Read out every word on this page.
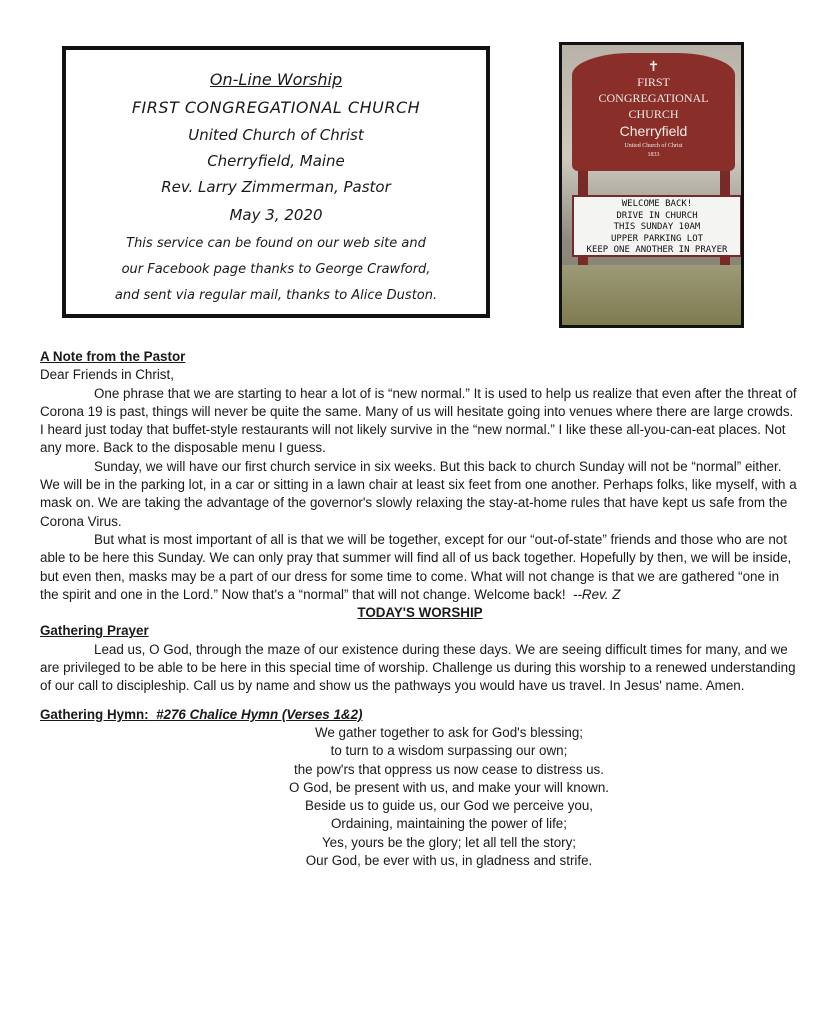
On-Line Worship
FIRST CONGREGATIONAL CHURCH
United Church of Christ
Cherryfield, Maine
Rev. Larry Zimmerman, Pastor
May 3, 2020
This service can be found on our web site and
our Facebook page thanks to George Crawford,
and sent via regular mail, thanks to Alice Duston.
✝
FIRST
CONGREGATIONAL
CHURCH
Cherryfield
United Church of Christ
1833
WELCOME BACK!
DRIVE IN CHURCH
THIS SUNDAY 10AM
UPPER PARKING LOT
KEEP ONE ANOTHER IN PRAYER

A Note from the Pastor

Dear Friends in Christ,

One phrase that we are starting to hear a lot of is “new normal.” It is used to help us realize that even after the threat of Corona 19 is past, things will never be quite the same. Many of us will hesitate going into venues where there are large crowds. I heard just today that buffet-style restaurants will not likely survive in the “new normal.” I like these all-you-can-eat places. Not any more. Back to the disposable menu I guess.

Sunday, we will have our first church service in six weeks. But this back to church Sunday will not be “normal” either. We will be in the parking lot, in a car or sitting in a lawn chair at least six feet from one another. Perhaps folks, like myself, with a mask on. We are taking the advantage of the governor's slowly relaxing the stay-at-home rules that have kept us safe from the Corona Virus.

But what is most important of all is that we will be together, except for our “out-of-state” friends and those who are not able to be here this Sunday. We can only pray that summer will find all of us back together. Hopefully by then, we will be inside, but even then, masks may be a part of our dress for some time to come. What will not change is that we are gathered “one in the spirit and one in the Lord.” Now that's a “normal” that will not change. Welcome back! --Rev. Z

TODAY'S WORSHIP

Gathering Prayer

Lead us, O God, through the maze of our existence during these days. We are seeing difficult times for many, and we are privileged to be able to be here in this special time of worship. Challenge us during this worship to a renewed understanding of our call to discipleship. Call us by name and show us the pathways you would have us travel. In Jesus' name. Amen.

Gathering Hymn: #276 Chalice Hymn (Verses 1&2)

We gather together to ask for God's blessing;

to turn to a wisdom surpassing our own;

the pow'rs that oppress us now cease to distress us.

O God, be present with us, and make your will known.

Beside us to guide us, our God we perceive you,

Ordaining, maintaining the power of life;

Yes, yours be the glory; let all tell the story;

Our God, be ever with us, in gladness and strife.
